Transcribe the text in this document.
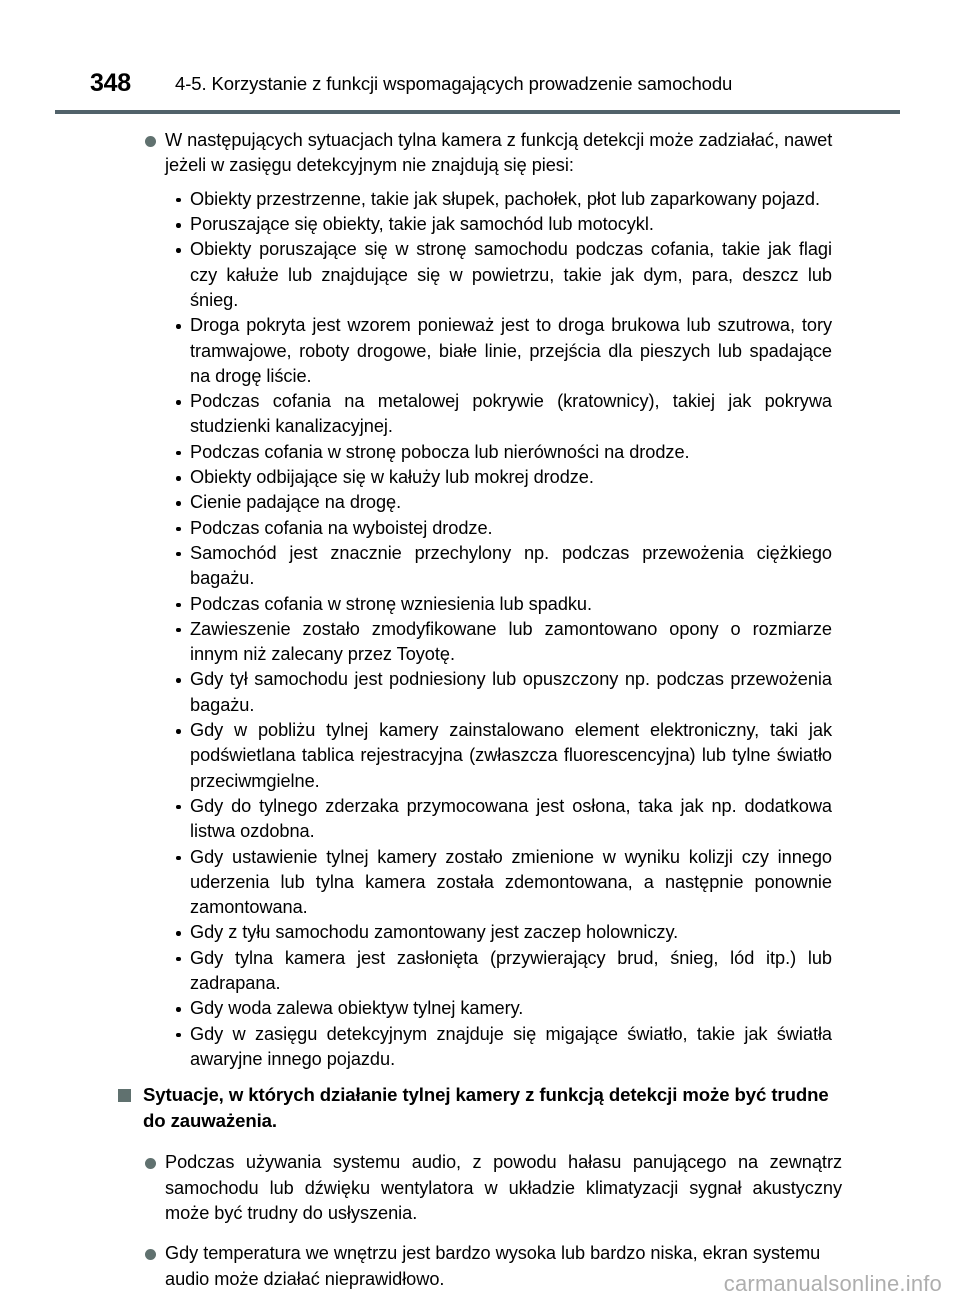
348 4-5. Korzystanie z funkcji wspomagających prowadzenie samochodu
W następujących sytuacjach tylna kamera z funkcją detekcji może zadziałać, nawet jeżeli w zasięgu detekcyjnym nie znajdują się piesi:
Obiekty przestrzenne, takie jak słupek, pachołek, płot lub zaparkowany pojazd.
Poruszające się obiekty, takie jak samochód lub motocykl.
Obiekty poruszające się w stronę samochodu podczas cofania, takie jak flagi czy kałuże lub znajdujące się w powietrzu, takie jak dym, para, deszcz lub śnieg.
Droga pokryta jest wzorem ponieważ jest to droga brukowa lub szutrowa, tory tramwajowe, roboty drogowe, białe linie, przejścia dla pieszych lub spadające na drogę liście.
Podczas cofania na metalowej pokrywie (kratownicy), takiej jak pokrywa studzienki kanalizacyjnej.
Podczas cofania w stronę pobocza lub nierówności na drodze.
Obiekty odbijające się w kałuży lub mokrej drodze.
Cienie padające na drogę.
Podczas cofania na wyboistej drodze.
Samochód jest znacznie przechylony np. podczas przewożenia ciężkiego bagażu.
Podczas cofania w stronę wzniesienia lub spadku.
Zawieszenie zostało zmodyfikowane lub zamontowano opony o rozmiarze innym niż zalecany przez Toyotę.
Gdy tył samochodu jest podniesiony lub opuszczony np. podczas przewożenia bagażu.
Gdy w pobliżu tylnej kamery zainstalowano element elektroniczny, taki jak podświetlana tablica rejestracyjna (zwłaszcza fluorescencyjna) lub tylne światło przeciwmgielne.
Gdy do tylnego zderzaka przymocowana jest osłona, taka jak np. dodatkowa listwa ozdobna.
Gdy ustawienie tylnej kamery zostało zmienione w wyniku kolizji czy innego uderzenia lub tylna kamera została zdemontowana, a następnie ponownie zamontowana.
Gdy z tyłu samochodu zamontowany jest zaczep holowniczy.
Gdy tylna kamera jest zasłonięta (przywierający brud, śnieg, lód itp.) lub zadrapana.
Gdy woda zalewa obiektyw tylnej kamery.
Gdy w zasięgu detekcyjnym znajduje się migające światło, takie jak światła awaryjne innego pojazdu.
Sytuacje, w których działanie tylnej kamery z funkcją detekcji może być trudne do zauważenia.
Podczas używania systemu audio, z powodu hałasu panującego na zewnątrz samochodu lub dźwięku wentylatora w układzie klimatyzacji sygnał akustyczny może być trudny do usłyszenia.
Gdy temperatura we wnętrzu jest bardzo wysoka lub bardzo niska, ekran systemu audio może działać nieprawidłowo.	carmanualsonline.info
